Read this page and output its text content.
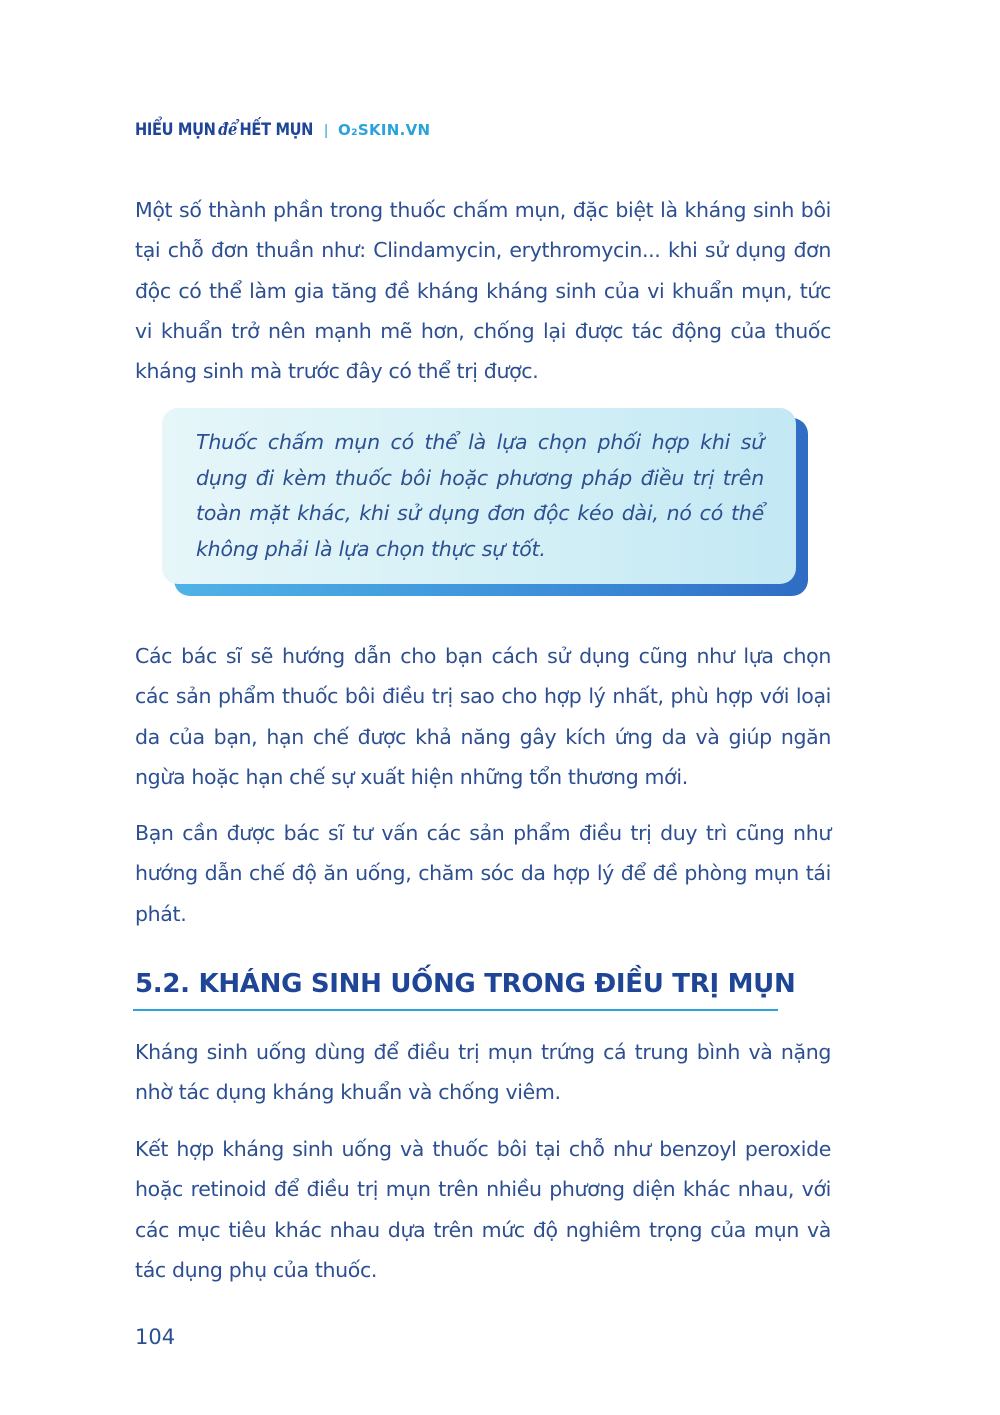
HIỂU MỤN để HẾT MỤN | O₂SKIN.VN

Một số thành phần trong thuốc chấm mụn, đặc biệt là kháng sinh bôi tại chỗ đơn thuần như: Clindamycin, erythromycin... khi sử dụng đơn độc có thể làm gia tăng đề kháng kháng sinh của vi khuẩn mụn, tức vi khuẩn trở nên mạnh mẽ hơn, chống lại được tác động của thuốc kháng sinh mà trước đây có thể trị được.

Thuốc chấm mụn có thể là lựa chọn phối hợp khi sử dụng đi kèm thuốc bôi hoặc phương pháp điều trị trên toàn mặt khác, khi sử dụng đơn độc kéo dài, nó có thể không phải là lựa chọn thực sự tốt.

Các bác sĩ sẽ hướng dẫn cho bạn cách sử dụng cũng như lựa chọn các sản phẩm thuốc bôi điều trị sao cho hợp lý nhất, phù hợp với loại da của bạn, hạn chế được khả năng gây kích ứng da và giúp ngăn ngừa hoặc hạn chế sự xuất hiện những tổn thương mới.

Bạn cần được bác sĩ tư vấn các sản phẩm điều trị duy trì cũng như hướng dẫn chế độ ăn uống, chăm sóc da hợp lý để đề phòng mụn tái phát.

5.2. KHÁNG SINH UỐNG TRONG ĐIỀU TRỊ MỤN

Kháng sinh uống dùng để điều trị mụn trứng cá trung bình và nặng nhờ tác dụng kháng khuẩn và chống viêm.

Kết hợp kháng sinh uống và thuốc bôi tại chỗ như benzoyl peroxide hoặc retinoid để điều trị mụn trên nhiều phương diện khác nhau, với các mục tiêu khác nhau dựa trên mức độ nghiêm trọng của mụn và tác dụng phụ của thuốc.

104
